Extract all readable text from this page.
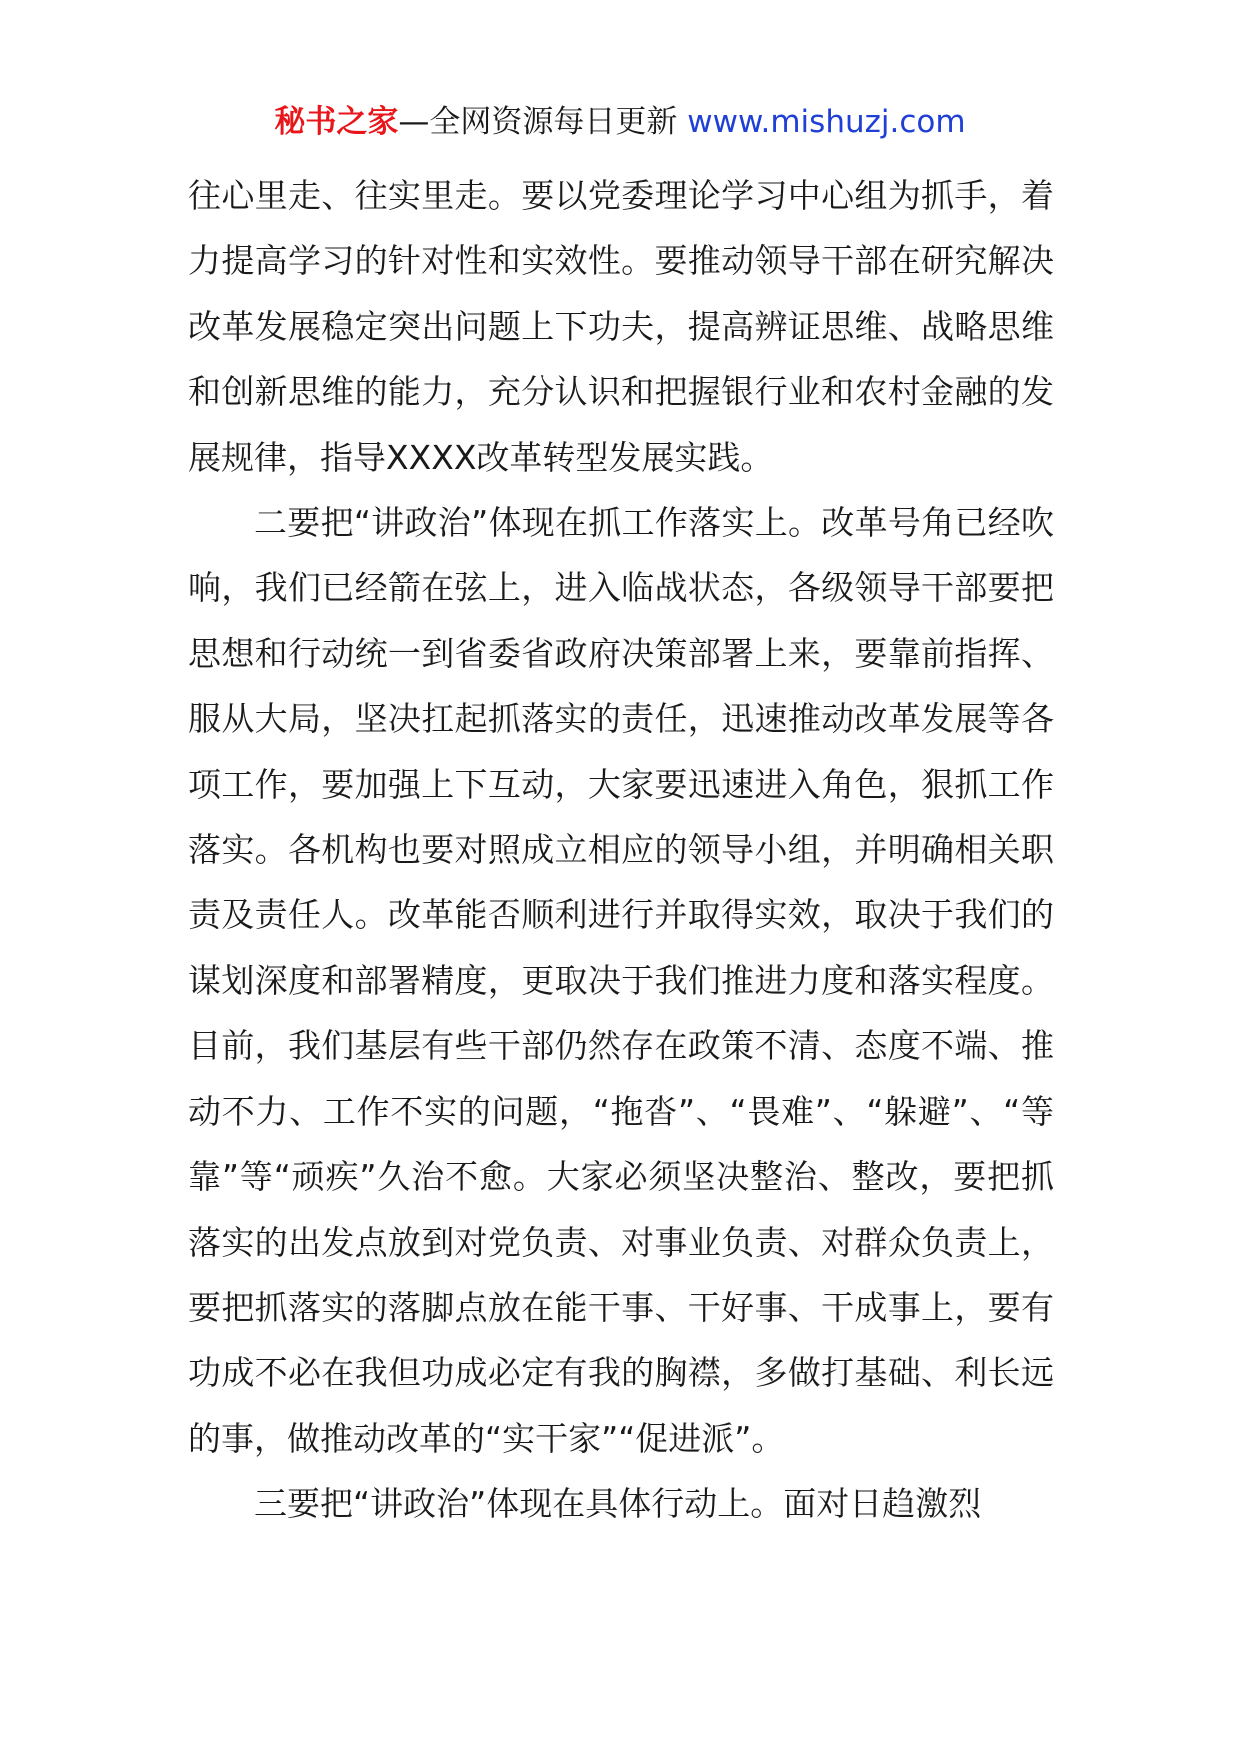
秘书之家—全网资源每日更新 www.mishuzj.com

往心里走、往实里走。要以党委理论学习中心组为抓手，着力提高学习的针对性和实效性。要推动领导干部在研究解决改革发展稳定突出问题上下功夫，提高辨证思维、战略思维和创新思维的能力，充分认识和把握银行业和农村金融的发展规律，指导XXXX改革转型发展实践。

二要把“讲政治”体现在抓工作落实上。改革号角已经吹响，我们已经箭在弦上，进入临战状态，各级领导干部要把思想和行动统一到省委省政府决策部署上来，要靠前指挥、服从大局，坚决扛起抓落实的责任，迅速推动改革发展等各项工作，要加强上下互动，大家要迅速进入角色，狠抓工作落实。各机构也要对照成立相应的领导小组，并明确相关职责及责任人。改革能否顺利进行并取得实效，取决于我们的谋划深度和部署精度，更取决于我们推进力度和落实程度。目前，我们基层有些干部仍然存在政策不清、态度不端、推动不力、工作不实的问题，“拖沓”、“畏难”、“躲避”、“等靠”等“顽疾”久治不愈。大家必须坚决整治、整改，要把抓落实的出发点放到对党负责、对事业负责、对群众负责上，要把抓落实的落脚点放在能干事、干好事、干成事上，要有功成不必在我但功成必定有我的胸襟，多做打基础、利长远的事，做推动改革的“实干家”“促进派”。

三要把“讲政治”体现在具体行动上。面对日趋激烈
